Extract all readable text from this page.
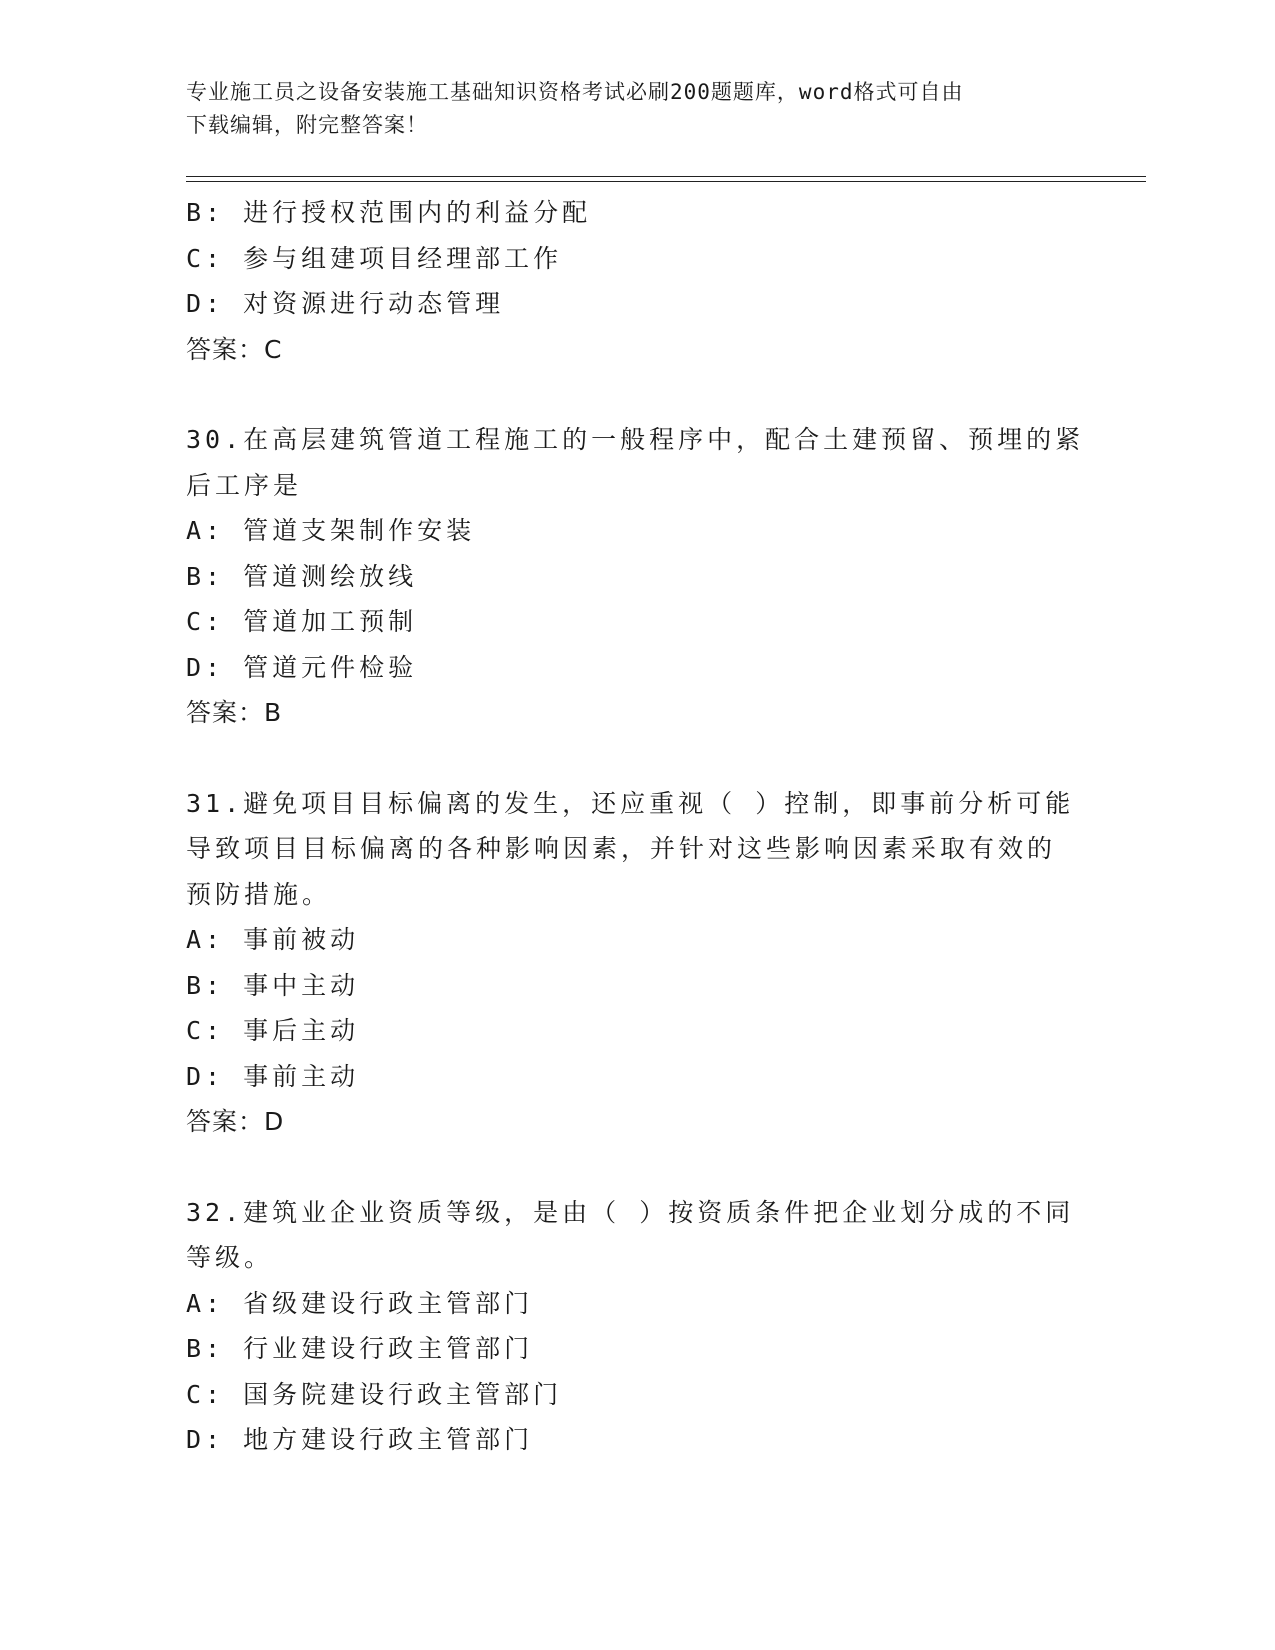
专业施工员之设备安装施工基础知识资格考试必刷200题题库，word格式可自由
下载编辑，附完整答案！
B: 进行授权范围内的利益分配
C: 参与组建项目经理部工作
D: 对资源进行动态管理
答案：C
30.在高层建筑管道工程施工的一般程序中，配合土建预留、预埋的紧
后工序是
A: 管道支架制作安装
B: 管道测绘放线
C: 管道加工预制
D: 管道元件检验
答案：B
31.避免项目目标偏离的发生，还应重视（ ）控制，即事前分析可能
导致项目目标偏离的各种影响因素，并针对这些影响因素采取有效的
预防措施。
A: 事前被动
B: 事中主动
C: 事后主动
D: 事前主动
答案：D
32.建筑业企业资质等级，是由（ ）按资质条件把企业划分成的不同
等级。
A: 省级建设行政主管部门
B: 行业建设行政主管部门
C: 国务院建设行政主管部门
D: 地方建设行政主管部门
